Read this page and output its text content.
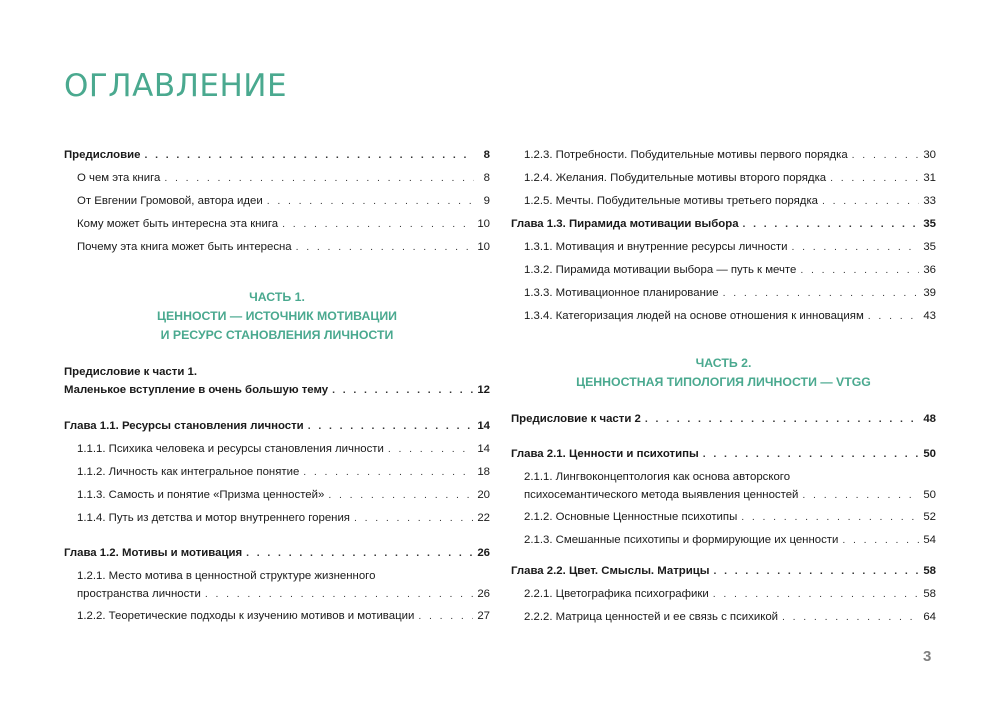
ОГЛАВЛЕНИЕ
Предисловие . . .	8
О чем эта книга . . .	8
От Евгении Громовой, автора идеи . . .	9
Кому может быть интересна эта книга . . .	10
Почему эта книга может быть интересна . . .	10
ЧАСТЬ 1.
ЦЕННОСТИ — ИСТОЧНИК МОТИВАЦИИ
И РЕСУРС СТАНОВЛЕНИЯ ЛИЧНОСТИ
Предисловие к части 1.
Маленькое вступление в очень большую тему . . .	12
Глава 1.1. Ресурсы становления личности . . .	14
1.1.1. Психика человека и ресурсы становления личности . . .	14
1.1.2. Личность как интегральное понятие . . .	18
1.1.3. Самость и понятие «Призма ценностей» . . .	20
1.1.4. Путь из детства и мотор внутреннего горения . . .	22
Глава 1.2. Мотивы и мотивация . . .	26
1.2.1. Место мотива в ценностной структуре жизненного
пространства личности . . .	26
1.2.2. Теоретические подходы к изучению мотивов и мотивации . . .	27
1.2.3. Потребности. Побудительные мотивы первого порядка . . .	30
1.2.4. Желания. Побудительные мотивы второго порядка . . .	31
1.2.5. Мечты. Побудительные мотивы третьего порядка . . .	33
Глава 1.3. Пирамида мотивации выбора . . .	35
1.3.1. Мотивация и внутренние ресурсы личности . . .	35
1.3.2. Пирамида мотивации выбора — путь к мечте . . .	36
1.3.3. Мотивационное планирование . . .	39
1.3.4. Категоризация людей на основе отношения к инновациям . . .	43
ЧАСТЬ 2.
ЦЕННОСТНАЯ ТИПОЛОГИЯ ЛИЧНОСТИ — VTGG
Предисловие к части 2 . . .	48
Глава 2.1. Ценности и психотипы . . .	50
2.1.1. Лингвоконцептология как основа авторского
психосемантического метода выявления ценностей . . .	50
2.1.2. Основные Ценностные психотипы . . .	52
2.1.3. Смешанные психотипы и формирующие их ценности . . .	54
Глава 2.2. Цвет. Смыслы. Матрицы . . .	58
2.2.1. Цветографика психографики . . .	58
2.2.2. Матрица ценностей и ее связь с психикой . . .	64
3
